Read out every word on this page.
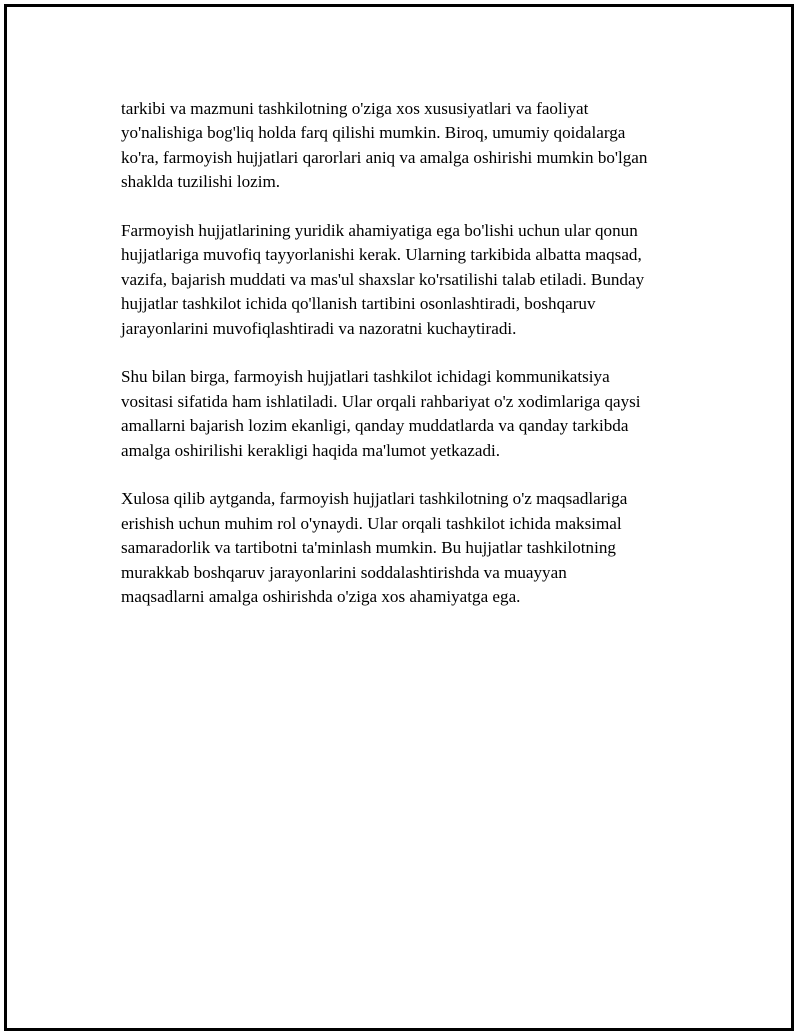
tarkibi va mazmuni tashkilotning o'ziga xos xususiyatlari va faoliyat
yo'nalishiga bog'liq holda farq qilishi mumkin. Biroq, umumiy qoidalarga
ko'ra, farmoyish hujjatlari qarorlari aniq va amalga oshirishi mumkin bo'lgan
shaklda tuzilishi lozim.

Farmoyish hujjatlarining yuridik ahamiyatiga ega bo'lishi uchun ular qonun
hujjatlariga muvofiq tayyorlanishi kerak. Ularning tarkibida albatta maqsad,
vazifa, bajarish muddati va mas'ul shaxslar ko'rsatilishi talab etiladi. Bunday
hujjatlar tashkilot ichida qo'llanish tartibini osonlashtiradi, boshqaruv
jarayonlarini muvofiqlashtiradi va nazoratni kuchaytiradi.

Shu bilan birga, farmoyish hujjatlari tashkilot ichidagi kommunikatsiya
vositasi sifatida ham ishlatiladi. Ular orqali rahbariyat o'z xodimlariga qaysi
amallarni bajarish lozim ekanligi, qanday muddatlarda va qanday tarkibda
amalga oshirilishi kerakligi haqida ma'lumot yetkazadi.

Xulosa qilib aytganda, farmoyish hujjatlari tashkilotning o'z maqsadlariga
erishish uchun muhim rol o'ynaydi. Ular orqali tashkilot ichida maksimal
samaradorlik va tartibotni ta'minlash mumkin. Bu hujjatlar tashkilotning
murakkab boshqaruv jarayonlarini soddalashtirishda va muayyan
maqsadlarni amalga oshirishda o'ziga xos ahamiyatga ega.
